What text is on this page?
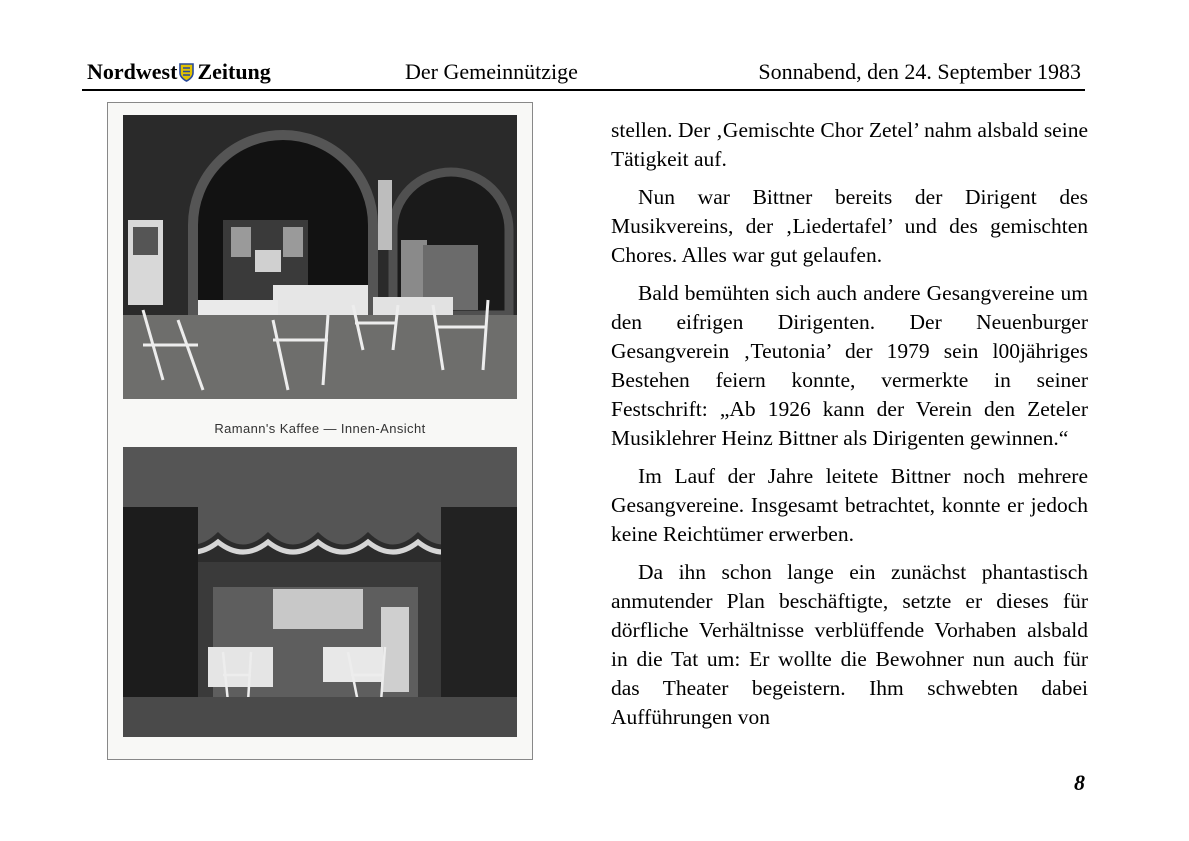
Nordwest Zeitung	Der Gemeinnützige	Sonnabend, den 24. September 1983
Ramann's Kaffee — Innen-Ansicht

stellen. Der ‚Gemischte Chor Zetel’ nahm alsbald seine Tätigkeit auf.

Nun war Bittner bereits der Dirigent des Musikvereins, der ‚Liedertafel’ und des gemischten Chores. Alles war gut gelaufen.

Bald bemühten sich auch andere Gesangvereine um den eifrigen Dirigenten. Der Neuenburger Gesangverein ‚Teutonia’ der 1979 sein l00jähriges Bestehen feiern konnte, vermerkte in seiner Festschrift: „Ab 1926 kann der Verein den Zeteler Musiklehrer Heinz Bittner als Dirigenten gewinnen.“

Im Lauf der Jahre leitete Bittner noch mehrere Gesangvereine. Insgesamt betrachtet, konnte er jedoch keine Reichtümer erwerben.

Da ihn schon lange ein zunächst phantastisch anmutender Plan beschäftigte, setzte er dieses für dörfliche Verhältnisse verblüffende Vorhaben alsbald in die Tat um: Er wollte die Bewohner nun auch für das Theater begeistern. Ihm schwebten dabei Aufführungen von

8
